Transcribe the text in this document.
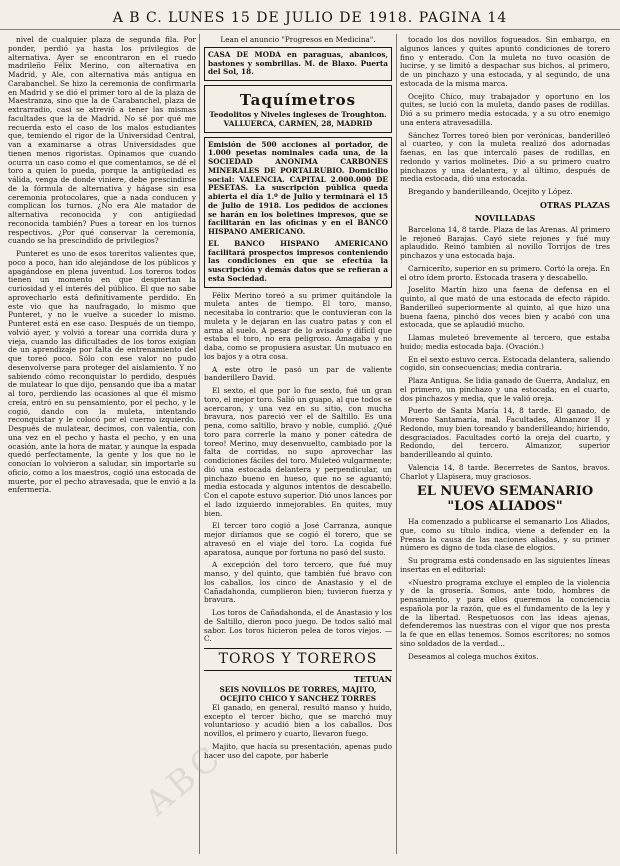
A B C. LUNES 15 DE JULIO DE 1918. PAGINA 14

nivel de cualquier plaza de segunda fila. Por ponder, perdió ya hasta los privilegios de alternativa. Ayer se encontraron en el ruedo madrileño Félix Merino, con alternativa en Madrid, y Ale, con alternativa más antigua en Carabanchel. Se hizo la ceremonia de confirmarla en Madrid y se dió el primer toro al de la plaza de Maestranza, sino que la de Carabanchel, plaza de extrarradio, casi se atrevió a tener las mismas facultades que la de Madrid. No sé por qué me recuerda esto el caso de los malos estudiantes que, temiendo el rigor de la Universidad Central, van a examinarse a otras Universidades que tienen menos rigoristas. Opinamos que cuando ocurra un caso como el que comentamos, se dé el toro a quien lo pueda, porque la antigüedad es válida, venga de donde viniere, debe prescindirse de la fórmula de alternativa y hágase sin esa ceremonia protocolares, que a nada conducen y complican los turnos. ¿No era Ale matador de alternativa reconocida y con antigüedad reconocida también? Pues a torear en los turnos respectivos. ¿Por qué conservar la ceremonia, cuando se ha prescindido de privilegios?

Punteret es uno de esos toreritos valientes que, poco a poco, han ido alejándose de los públicos y apagándose en plena juventud. Los toreros todos tienen un momento en que despiertan la curiosidad y el interés del público. El que no sabe aprovecharlo está definitivamente perdido. En este vio que ha naufragado, lo mismo que Punteret, y no le vuelve a suceder lo mismo. Punteret está en ese caso. Después de un tiempo, volvió ayer, y volvió a torear una corrida dura y vieja, cuando las dificultades de los toros exigían de un aprendizaje por falta de entrenamiento del que toreó poco. Sólo con ese valor no pudo desenvolverse para proteger del aislamiento. Y no sabiendo cómo reconquistar lo perdido, después de mulatear lo que dijo, pensando que iba a matar al toro, perdiendo las ocasiones al que él mismo creía, entró en su pensamiento, por el pecho, y le cogió, dando con la muleta, intentando reconquistar y le colocó por el cuerno izquierdo. Después de mulatear, decimos, con valentía, con una vez en el pecho y hasta el pecho, y en una ocasión, ante la hora de matar, y aunque la espada quedó perfectamente, la gente y los que no le conocían lo volvieron a saludar, sin importarle su oficio, como a los maestros, cogió una estocada de muerte, por el pecho atravesada, que le envió a la enfermería.

Lean el anuncio "Progresos en Medicina".
CASA DE MODA en paraguas, abanicos, bastones y sombrillas. M. de Blaxo. Puerta del Sol, 18.
Taquímetros
Teodolitos y Niveles ingleses de Troughton. VALLUERCA, CARMEN, 28, MADRID
Emisión de 500 acciones al portador, de 1.000 pesetas nominales cada una, de la SOCIEDAD ANONIMA CARBONES MINERALES DE PORTALRUBIO. Domicilio social: VALENCIA. CAPITAL 2.000.000 DE PESETAS. La suscripción pública queda abierta el día 1.º de Julio y terminará el 15 de Julio de 1918. Los pedidos de acciones se harán en los boletines impresos, que se facilitarán en las oficinas y en el BANCO HISPANO AMERICANO.
EL BANCO HISPANO AMERICANO facilitará prospectos impresos conteniendo las condiciones en que se efectúa la suscripción y demás datos que se refieran a esta Sociedad.

Félix Merino toreó a su primer quitándole la muleta antes de tiempo. El toro, manso, necesitaba lo contrario: que le contuvieran con la muleta y le dejaran en las cuatro patas y con el arma al suelo. A pesar de lo avisado y difícil que estaba el toro, no era peligroso. Amagaba y no daba, como se propusiera asustar. Un mutuaco en los bajos y a otra cosa.

A este otro le pasó un par de valiente banderillero David.

El sexto, el que por lo fue sexto, fué un gran toro, el mejor toro. Salió un guapo, al que todos se acercaron, y una vez en su sitio, con mucha bravura, nos pareció ver el de Saltillo. Es una pena, como saltillo, bravo y noble, cumplió. ¿Qué toro para correrle la mano y poner cátedra de toreo! Merino, muy desenvuelto, cambiado por la falta de corridas, no supo aprovechar las condiciones fáciles del toro. Muleteó vulgarmente; dió una estocada delantera y perpendicular, un pinchazo bueno en hueso, que no se aguantó; media estocada y algunos intentos de descabello. Con el capote estuvo superior. Dió unos lances por el lado izquierdo inmejorables. En quites, muy bien.

El tercer toro cogió a José Carranza, aunque mejor diríamos que se cogió él torero, que se atravesó en el viaje del toro. La cogida fué aparatosa, aunque por fortuna no pasó del susto.

A excepción del toro tercero, que fué muy manso, y del quinto, que también fué bravo con los caballos, los cinco de Anastasio y el de Cañadahonda, cumplieron bien; tuvieron fuerza y bravura.

Los toros de Cañadahonda, el de Anastasio y los de Saltillo, dieron poco juego. De todos salió mal sabor. Los toros hicieron pelea de toros viejos. —C.

TOROS Y TOREROS
TETUAN
SEIS NOVILLOS DE TORRES, MAJITO, OCEJITO CHICO Y SANCHEZ TORRES

El ganado, en general, resultó manso y huido, excepto el tercer bicho, que se marchó muy voluntarioso y acudió bien a los caballos. Dos novillos, el primero y cuarto, llevaron fuego.

Majito, que hacía su presentación, apenas pudo hacer uso del capote, por haberle

tocado los dos novillos fogueados. Sin embargo, en algunos lances y quites apuntó condiciones de torero fino y enterado. Con la muleta no tuvo ocasión de lucirse, y se limitó a despachar sus bichos, al primero, de un pinchazo y una estocada, y al segundo, de una estocada de la misma marca.

Ocejito Chico, muy trabajador y oportuno en los quites, se lució con la muleta, dando pases de rodillas. Dió a su primero media estocada, y a su otro enemigo una entera atravesadilla.

Sánchez Torres toreó bien por verónicas, banderilleó al cuarteo, y con la muleta realizó dos adornadas faenas, en las que intercaló pases de rodillas, en redondo y varios molinetes. Dió a su primero cuatro pinchazos y una delantera, y al último, después de media estocada, dió una estocada.

Bregando y banderilleando, Ocejito y López.

OTRAS PLAZAS
NOVILLADAS

Barcelona 14, 8 tarde. Plaza de las Arenas. Al primero le rejoneó Barajas. Cayó siete rejones y fué muy aplaudido. Reinó también al novillo Torrijos de tres pinchazos y una estocada baja.

Carniceríto, superior en su primero. Cortó la oreja. En el otro ídem prorto. Estocada trasera y descabello.

Joselito Martín hizo una faena de defensa en el quinto, al que mató de una estocada de efecto rápido. Banderilleó superiormente al quinto, al que hizo una buena faena, pinchó dos veces bien y acabó con una estocada, que se aplaudió mucho.

Llamas muleteó brevemente al tercero, que estaba huido; media estocada baja. (Ovación.)

En el sexto estuvo cerca. Estocada delantera, saliendo cogido, sin consecuencias; media contraria.

Plaza Antigua. Se lidia ganado de Guerra, Andaluz, en el primero, un pinchazo y una estocada; en el cuarto, dos pinchazos y media, que le valió oreja.

Puerto de Santa María 14, 8 tarde. El ganado, de Moreno Santamaría, mal. Facultades, Almanzor II y Redondo, muy bien toreando y banderilleando; hiriendo, desgraciados. Facultades cortó la oreja del cuarto, y Redondo, del tercero. Almanzor, superior banderilleando al quinto.

Valencia 14, 8 tarde. Becerretes de Santos, bravos. Charlot y Llapisera, muy graciosos.

EL NUEVO SEMANARIO "LOS ALIADOS"

Ha comenzado a publicarse el semanario Los Aliados, que, como su título indica, viene a defender en la Prensa la causa de las naciones aliadas, y su primer número es digno de toda clase de elogios.

Su programa está condensado en las siguientes líneas insertas en el editorial:

«Nuestro programa excluye el empleo de la violencia y de la grosería. Somos, ante todo, hombres de pensamiento, y para ellos queremos la conciencia española por la razón, que es el fundamento de la ley y de la libertad. Respetuosos con las ideas ajenas, defenderemos las nuestras con el vigor que nos presta la fe que en ellas tenemos. Somos escritores; no somos sino soldados de la verdad...

Deseamos al colega muchos éxitos.

ABC
